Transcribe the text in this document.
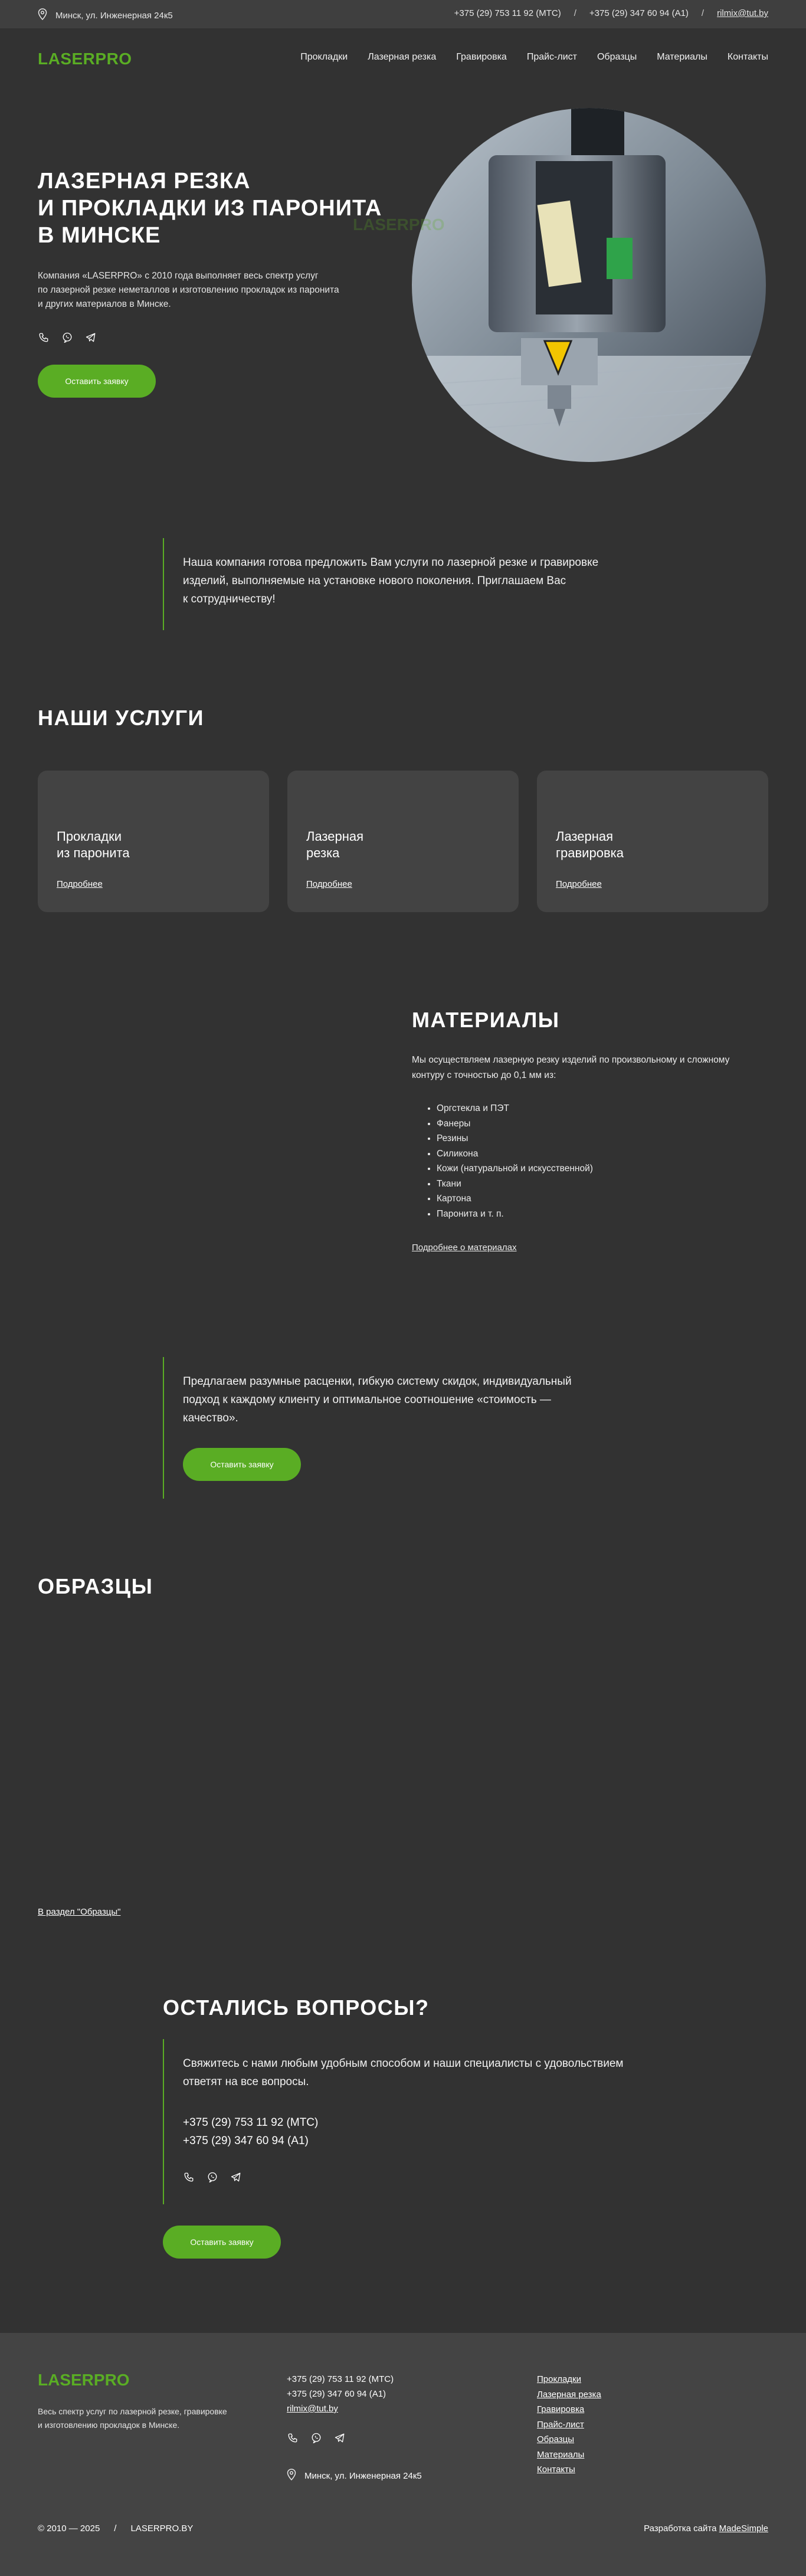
Минск, ул. Инженерная 24к5	+375 (29) 753 11 92 (МТС) / +375 (29) 347 60 94 (А1) / rilmix@tut.by
LASERPRO	Прокладки Лазерная резка Гравировка Прайс-лист Образцы Материалы Контакты
ЛАЗЕРНАЯ РЕЗКА
И ПРОКЛАДКИ ИЗ ПАРОНИТА
В МИНСКЕ
Компания «LASERPRO» с 2010 года выполняет весь спектр услуг
по лазерной резке неметаллов и изготовлению прокладок из паронита
и других материалов в Минске.
Оставить заявку
LASERPRO
Наша компания готова предложить Вам услуги по лазерной резке и гравировке
изделий, выполняемые на установке нового поколения. Приглашаем Вас
к сотрудничеству!
НАШИ УСЛУГИ
Прокладки
из паронита
Подробнее
Лазерная
резка
Подробнее
Лазерная
гравировка
Подробнее
МАТЕРИАЛЫ
Мы осуществляем лазерную резку изделий по произвольному и сложному
контуру с точностью до 0,1 мм из:
• Оргстекла и ПЭТ
• Фанеры
• Резины
• Силикона
• Кожи (натуральной и искусственной)
• Ткани
• Картона
• Паронита и т. п.
Подробнее о материалах
Предлагаем разумные расценки, гибкую систему скидок, индивидуальный
подход к каждому клиенту и оптимальное соотношение «стоимость —
качество».
Оставить заявку
ОБРАЗЦЫ
В раздел "Образцы"
ОСТАЛИСЬ ВОПРОСЫ?
Свяжитесь с нами любым удобным способом и наши специалисты с удовольствием
ответят на все вопросы.
+375 (29) 753 11 92 (МТС)
+375 (29) 347 60 94 (А1)
Оставить заявку
LASERPRO
Весь спектр услуг по лазерной резке, гравировке
и изготовлению прокладок в Минске.
+375 (29) 753 11 92 (МТС)
+375 (29) 347 60 94 (А1)
rilmix@tut.by
Минск, ул. Инженерная 24к5
Прокладки
Лазерная резка
Гравировка
Прайс-лист
Образцы
Материалы
Контакты
© 2010 — 2025 / LASERPRO.BY	Разработка сайта MadeSimple
